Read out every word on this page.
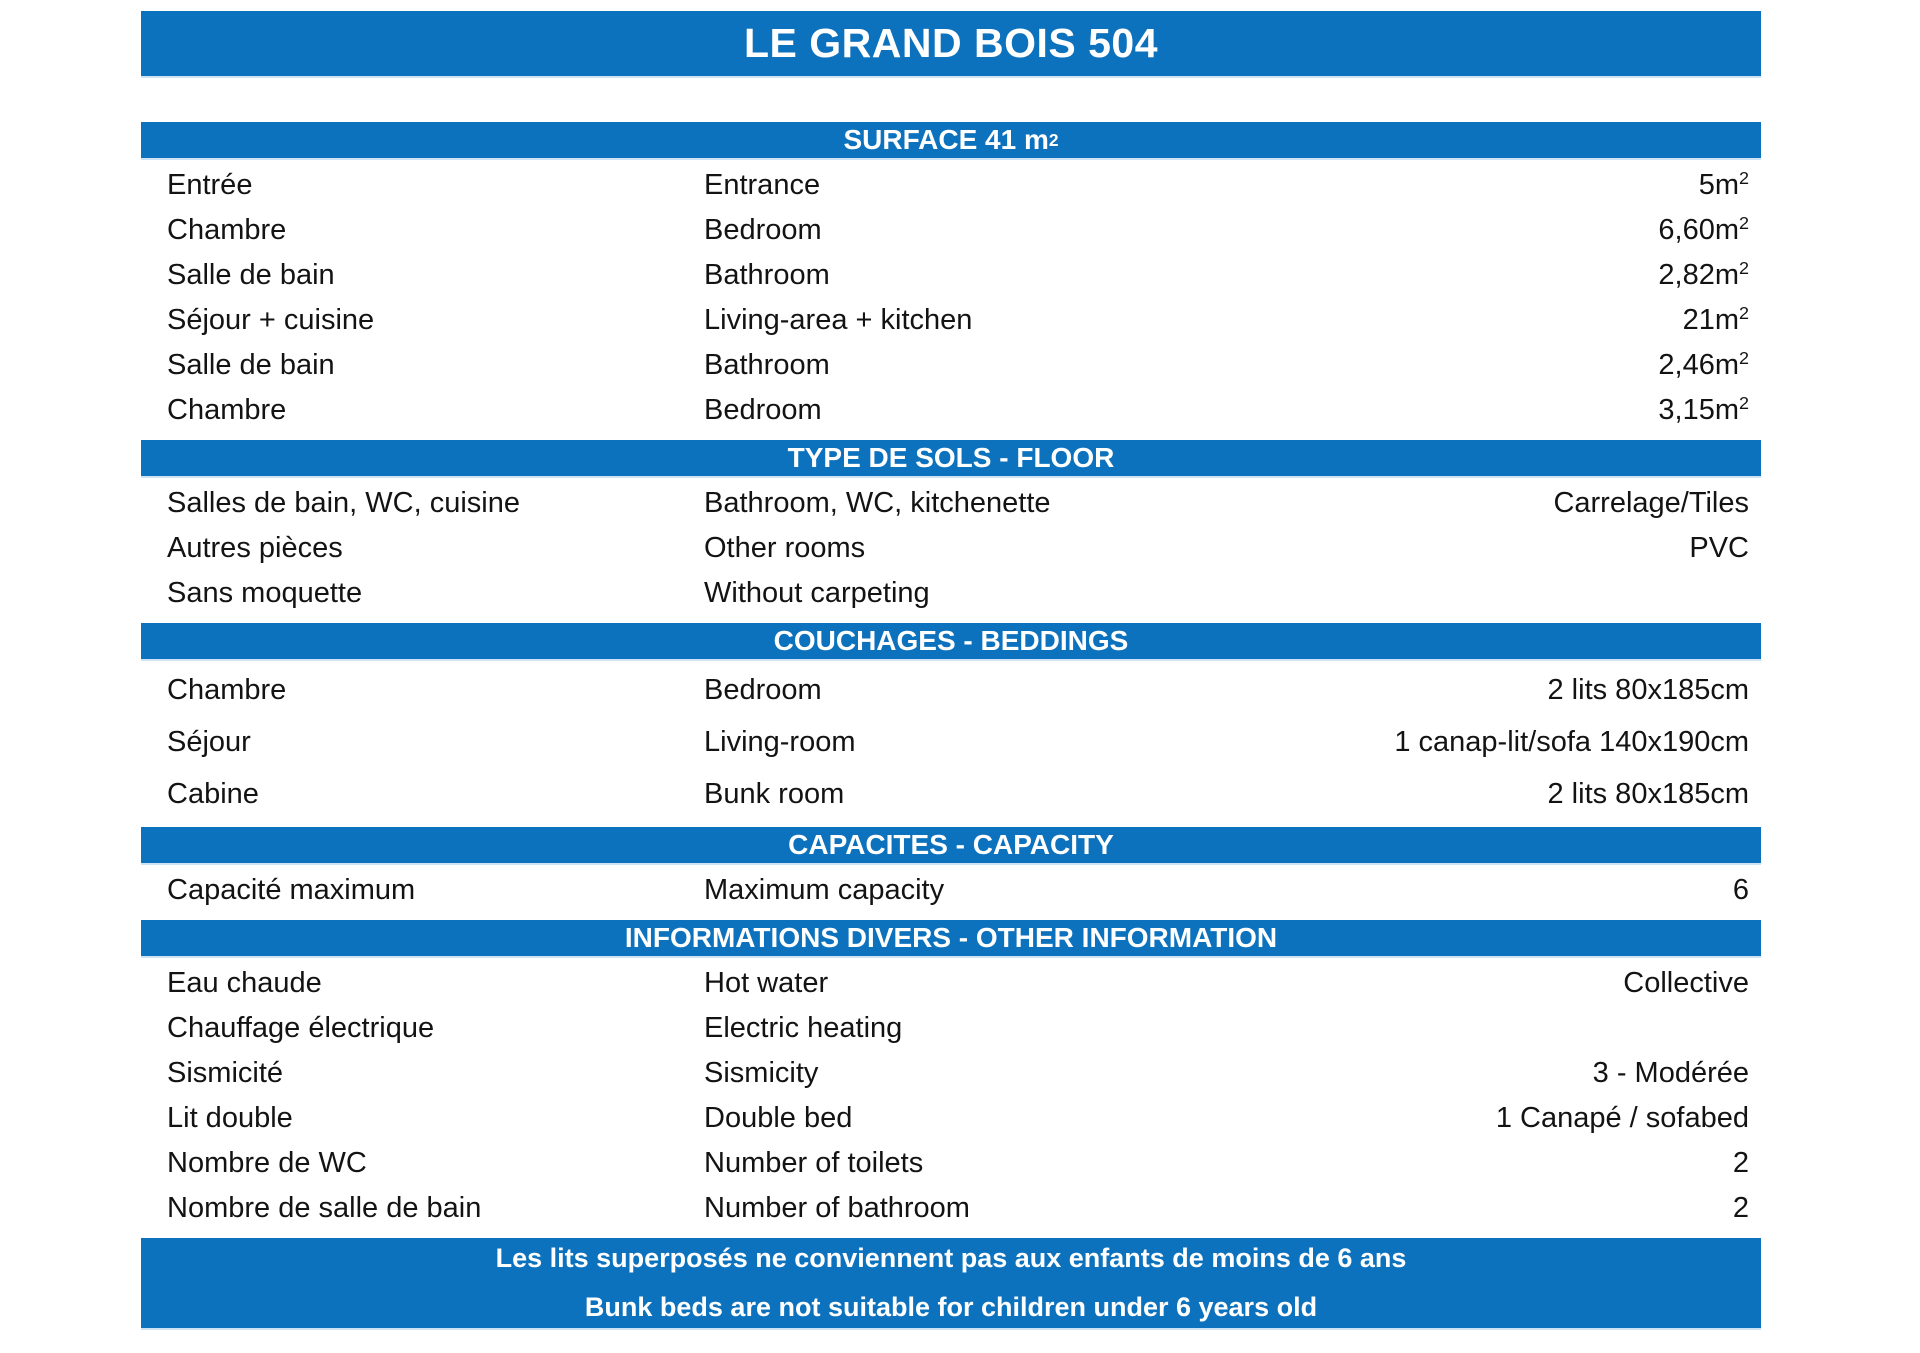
LE GRAND BOIS 504
SURFACE 41 m 2
Entrée	Entrance	$5m^2$
Chambre	Bedroom	$6,60m^2$
Salle de bain	Bathroom	$2,82m^2$
Séjour + cuisine	Living-area + kitchen	$21m^2$
Salle de bain	Bathroom	$2,46m^2$
Chambre	Bedroom	$3,15m^2$
TYPE DE SOLS - FLOOR
Salles de bain, WC, cuisine	Bathroom, WC, kitchenette	Carrelage/Tiles
Autres pièces	Other rooms	PVC
Sans moquette	Without carpeting
COUCHAGES - BEDDINGS
Chambre	Bedroom	2 lits 80x185cm
Séjour	Living-room	1 canap-lit/sofa 140x190cm
Cabine	Bunk room	2 lits 80x185cm
CAPACITES - CAPACITY
Capacité maximum	Maximum capacity	6
INFORMATIONS DIVERS - OTHER INFORMATION
Eau chaude	Hot water	Collective
Chauffage électrique	Electric heating
Sismicité	Sismicity	3 - Modérée
Lit double	Double bed	1 Canapé / sofabed
Nombre de WC	Number of toilets	2
Nombre de salle de bain	Number of bathroom	2
Les lits superposés ne conviennent pas aux enfants de moins de 6 ans
Bunk beds are not suitable for children under 6 years old
